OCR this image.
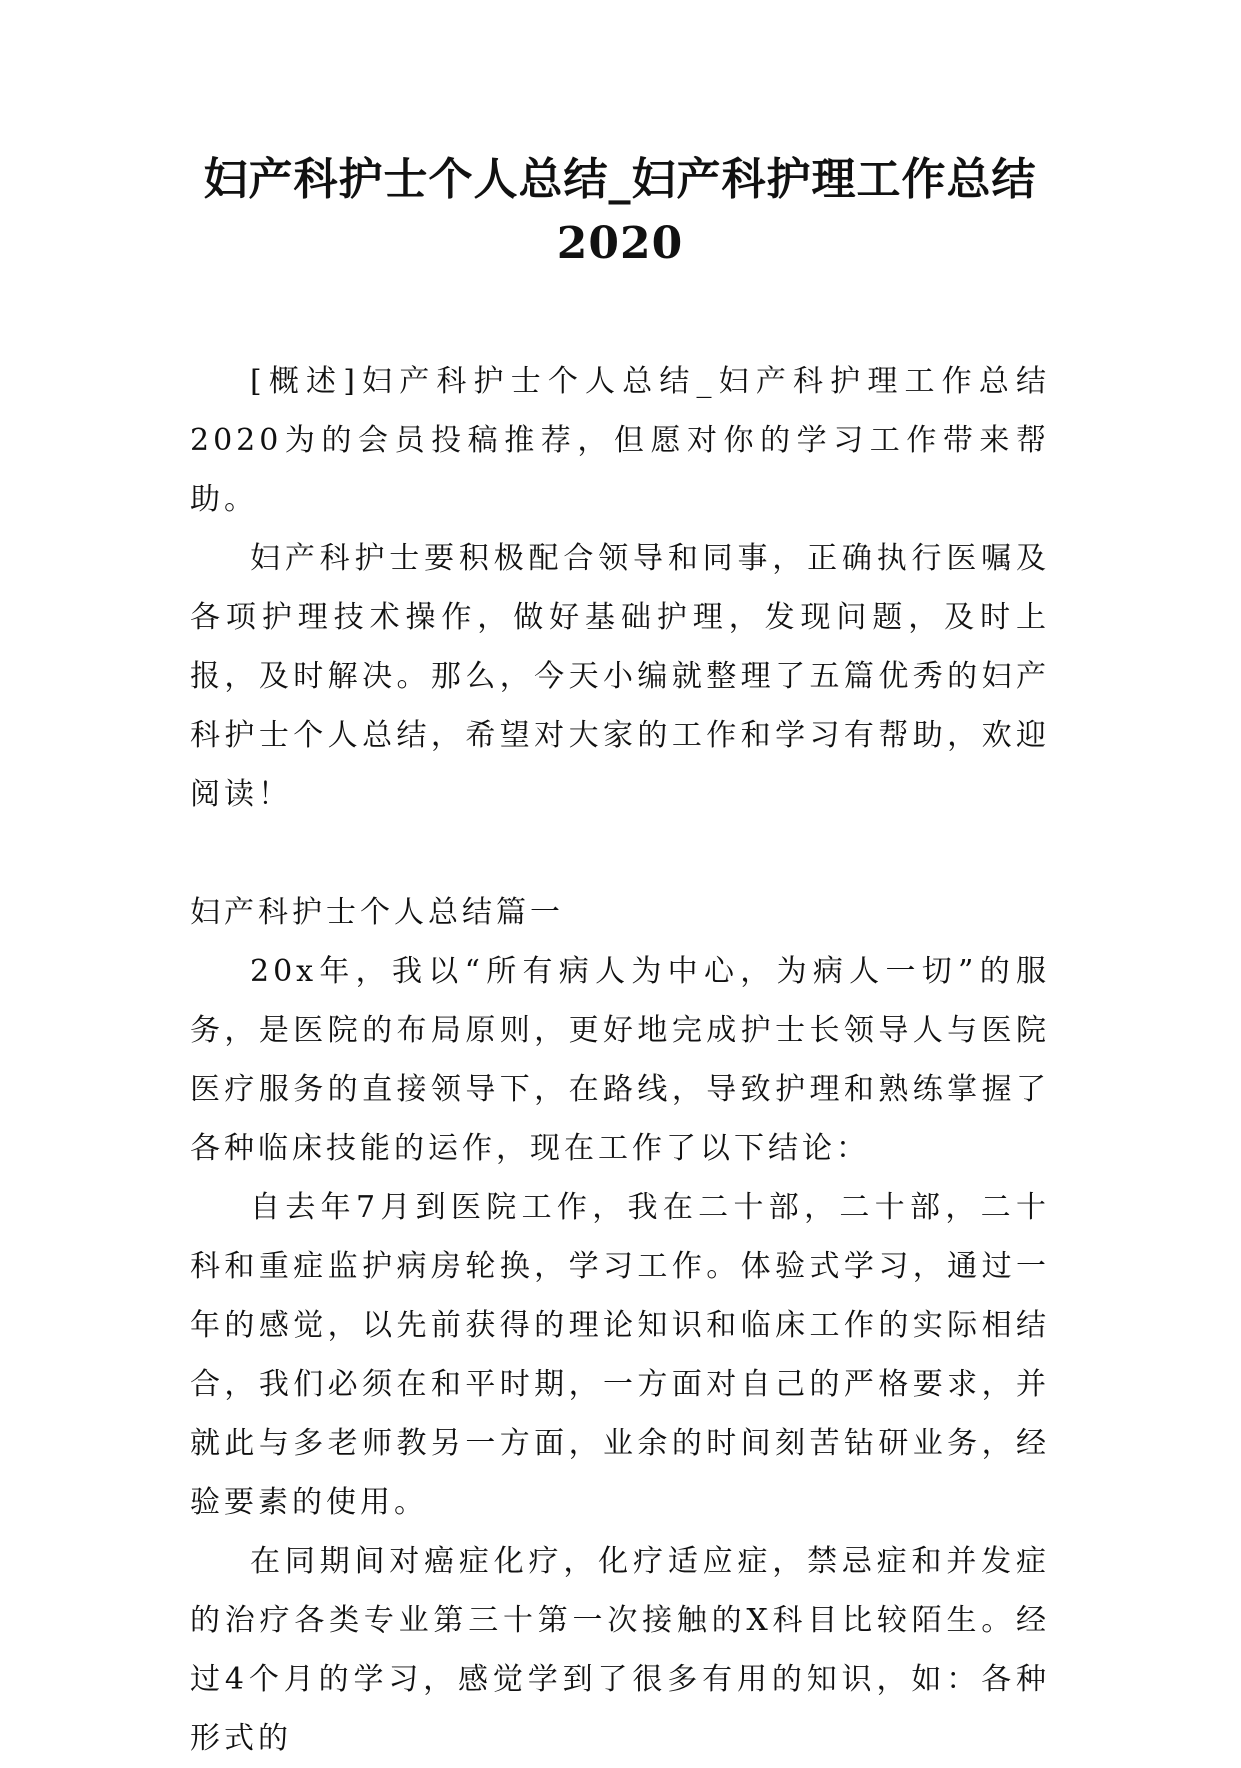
妇产科护士个人总结_妇产科护理工作总结
2020

[概述]妇产科护士个人总结_妇产科护理工作总结2020为的会员投稿推荐，但愿对你的学习工作带来帮助。

妇产科护士要积极配合领导和同事，正确执行医嘱及各项护理技术操作，做好基础护理，发现问题，及时上报，及时解决。那么，今天小编就整理了五篇优秀的妇产科护士个人总结，希望对大家的工作和学习有帮助，欢迎阅读！

妇产科护士个人总结篇一

20x年，我以“所有病人为中心，为病人一切”的服务，是医院的布局原则，更好地完成护士长领导人与医院医疗服务的直接领导下，在路线，导致护理和熟练掌握了各种临床技能的运作，现在工作了以下结论：

自去年7月到医院工作，我在二十部，二十部，二十科和重症监护病房轮换，学习工作。体验式学习，通过一年的感觉，以先前获得的理论知识和临床工作的实际相结合，我们必须在和平时期，一方面对自己的严格要求，并就此与多老师教另一方面，业余的时间刻苦钻研业务，经验要素的使用。

在同期间对癌症化疗，化疗适应症，禁忌症和并发症的治疗各类专业第三十第一次接触的X科目比较陌生。经过4个月的学习，感觉学到了很多有用的知识，如：各种形式的
